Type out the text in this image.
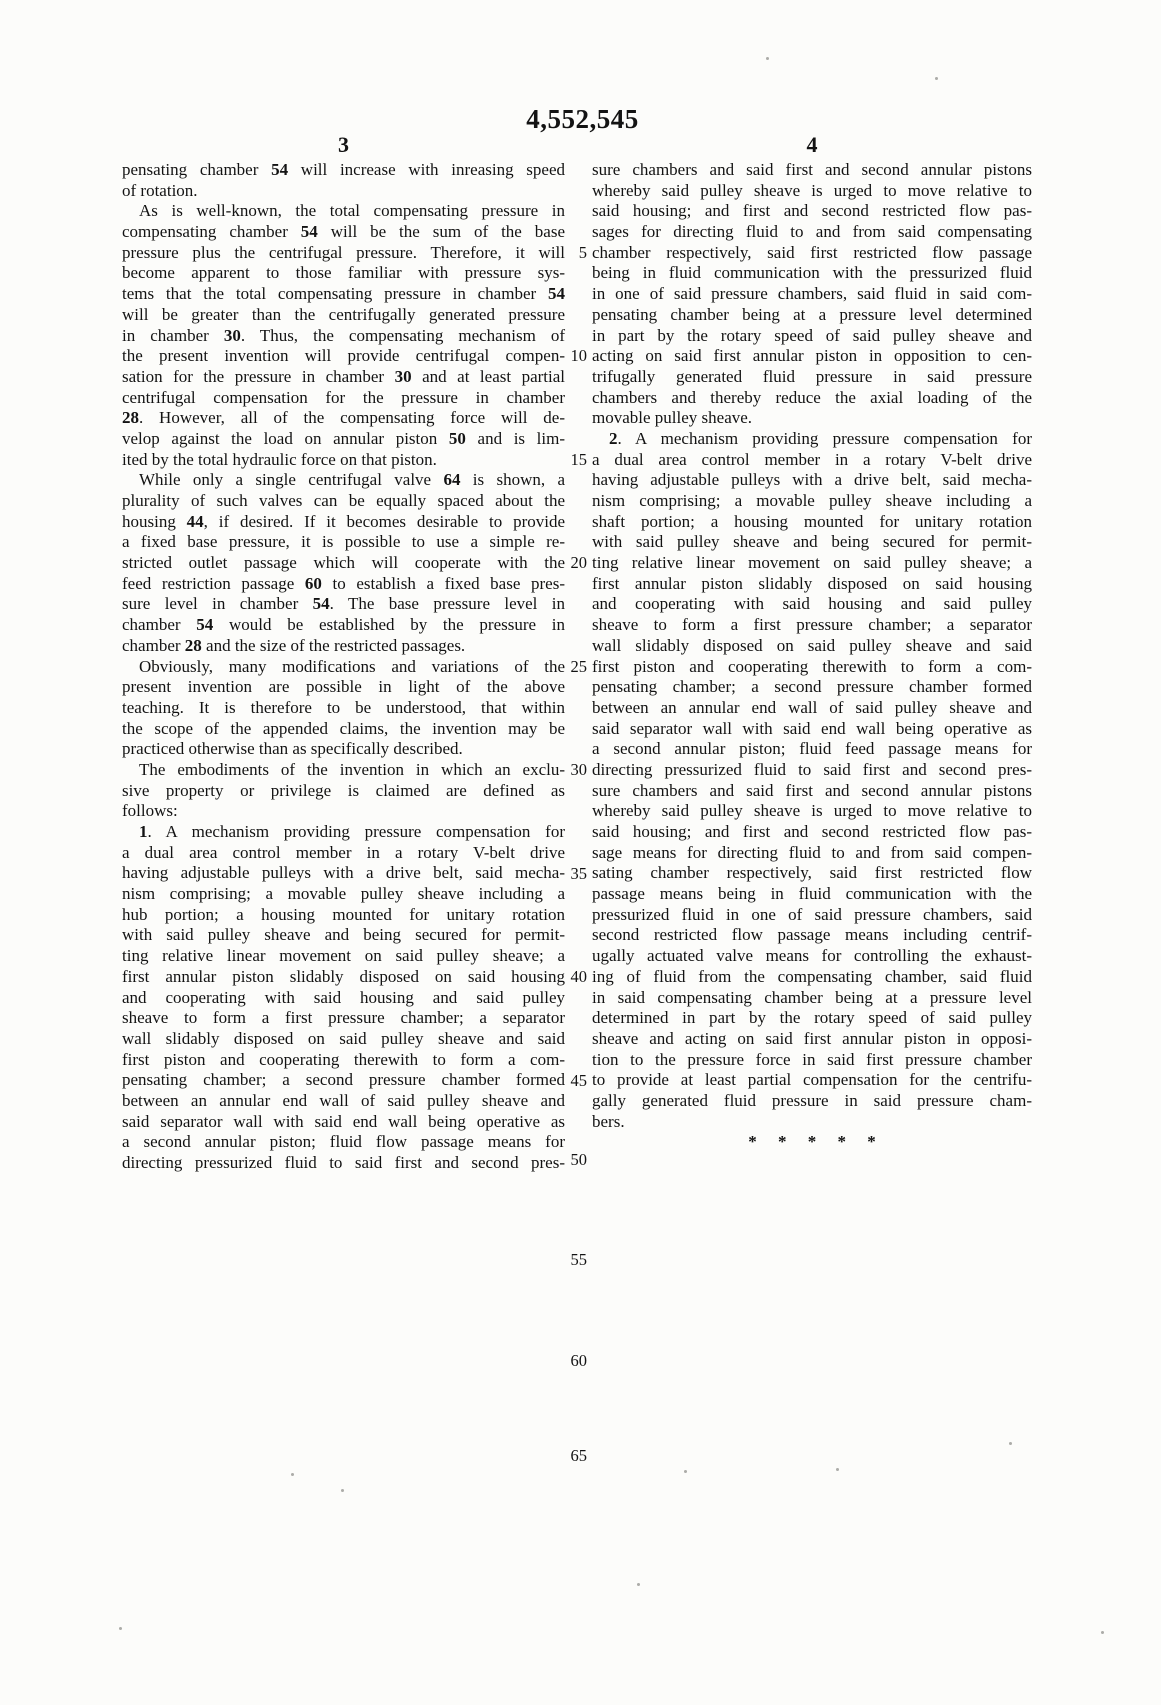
4,552,545
3	4
pensating chamber 54 will increase with inreasing speed
of rotation.
As is well-known, the total compensating pressure in
compensating chamber 54 will be the sum of the base
pressure plus the centrifugal pressure. Therefore, it will
become apparent to those familiar with pressure sys-
tems that the total compensating pressure in chamber 54
will be greater than the centrifugally generated pressure
in chamber 30. Thus, the compensating mechanism of
the present invention will provide centrifugal compen-
sation for the pressure in chamber 30 and at least partial
centrifugal compensation for the pressure in chamber
28. However, all of the compensating force will de-
velop against the load on annular piston 50 and is lim-
ited by the total hydraulic force on that piston.
While only a single centrifugal valve 64 is shown, a
plurality of such valves can be equally spaced about the
housing 44, if desired. If it becomes desirable to provide
a fixed base pressure, it is possible to use a simple re-
stricted outlet passage which will cooperate with the
feed restriction passage 60 to establish a fixed base pres-
sure level in chamber 54. The base pressure level in
chamber 54 would be established by the pressure in
chamber 28 and the size of the restricted passages.
Obviously, many modifications and variations of the
present invention are possible in light of the above
teaching. It is therefore to be understood, that within
the scope of the appended claims, the invention may be
practiced otherwise than as specifically described.
The embodiments of the invention in which an exclu-
sive property or privilege is claimed are defined as
follows:
1. A mechanism providing pressure compensation for
a dual area control member in a rotary V-belt drive
having adjustable pulleys with a drive belt, said mecha-
nism comprising; a movable pulley sheave including a
hub portion; a housing mounted for unitary rotation
with said pulley sheave and being secured for permit-
ting relative linear movement on said pulley sheave; a
first annular piston slidably disposed on said housing
and cooperating with said housing and said pulley
sheave to form a first pressure chamber; a separator
wall slidably disposed on said pulley sheave and said
first piston and cooperating therewith to form a com-
pensating chamber; a second pressure chamber formed
between an annular end wall of said pulley sheave and
said separator wall with said end wall being operative as
a second annular piston; fluid flow passage means for
directing pressurized fluid to said first and second pres-
sure chambers and said first and second annular pistons
whereby said pulley sheave is urged to move relative to
said housing; and first and second restricted flow pas-
sages for directing fluid to and from said compensating
chamber respectively, said first restricted flow passage
being in fluid communication with the pressurized fluid
in one of said pressure chambers, said fluid in said com-
pensating chamber being at a pressure level determined
in part by the rotary speed of said pulley sheave and
acting on said first annular piston in opposition to cen-
trifugally generated fluid pressure in said pressure
chambers and thereby reduce the axial loading of the
movable pulley sheave.
2. A mechanism providing pressure compensation for
a dual area control member in a rotary V-belt drive
having adjustable pulleys with a drive belt, said mecha-
nism comprising; a movable pulley sheave including a
shaft portion; a housing mounted for unitary rotation
with said pulley sheave and being secured for permit-
ting relative linear movement on said pulley sheave; a
first annular piston slidably disposed on said housing
and cooperating with said housing and said pulley
sheave to form a first pressure chamber; a separator
wall slidably disposed on said pulley sheave and said
first piston and cooperating therewith to form a com-
pensating chamber; a second pressure chamber formed
between an annular end wall of said pulley sheave and
said separator wall with said end wall being operative as
a second annular piston; fluid feed passage means for
directing pressurized fluid to said first and second pres-
sure chambers and said first and second annular pistons
whereby said pulley sheave is urged to move relative to
said housing; and first and second restricted flow pas-
sage means for directing fluid to and from said compen-
sating chamber respectively, said first restricted flow
passage means being in fluid communication with the
pressurized fluid in one of said pressure chambers, said
second restricted flow passage means including centrif-
ugally actuated valve means for controlling the exhaust-
ing of fluid from the compensating chamber, said fluid
in said compensating chamber being at a pressure level
determined in part by the rotary speed of said pulley
sheave and acting on said first annular piston in opposi-
tion to the pressure force in said first pressure chamber
to provide at least partial compensation for the centrifu-
gally generated fluid pressure in said pressure cham-
bers.
* * * * *
5
10
15
20
25
30
35
40
45
50
55
60
65
